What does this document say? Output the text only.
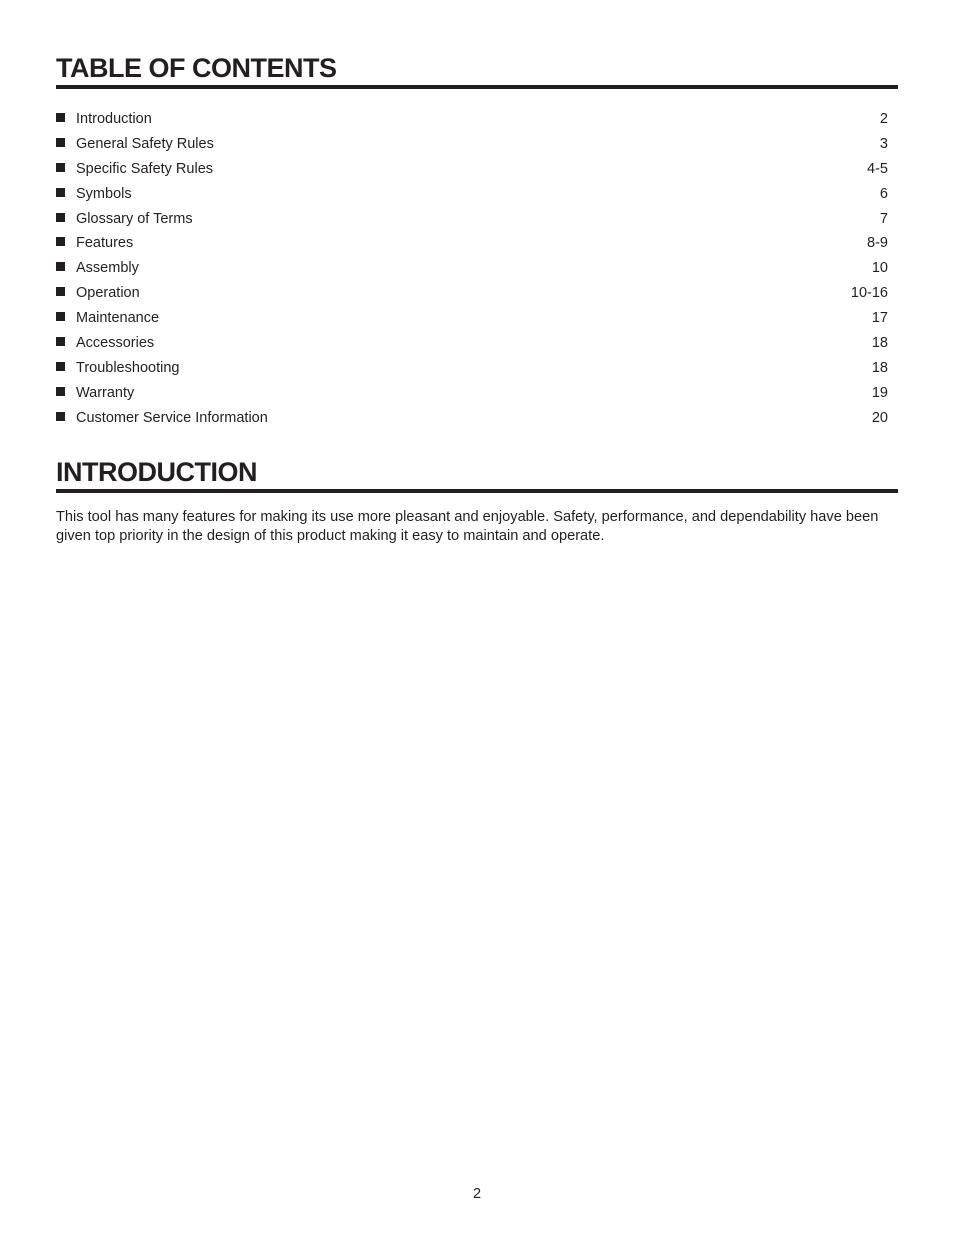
TABLE OF CONTENTS
Introduction	2
General Safety Rules	3
Specific Safety Rules	4-5
Symbols	6
Glossary of Terms	7
Features	8-9
Assembly	10
Operation	10-16
Maintenance	17
Accessories	18
Troubleshooting	18
Warranty	19
Customer Service Information	20
INTRODUCTION

This tool has many features for making its use more pleasant and enjoyable. Safety, performance, and dependability have been given top priority in the design of this product making it easy to maintain and operate.

2
